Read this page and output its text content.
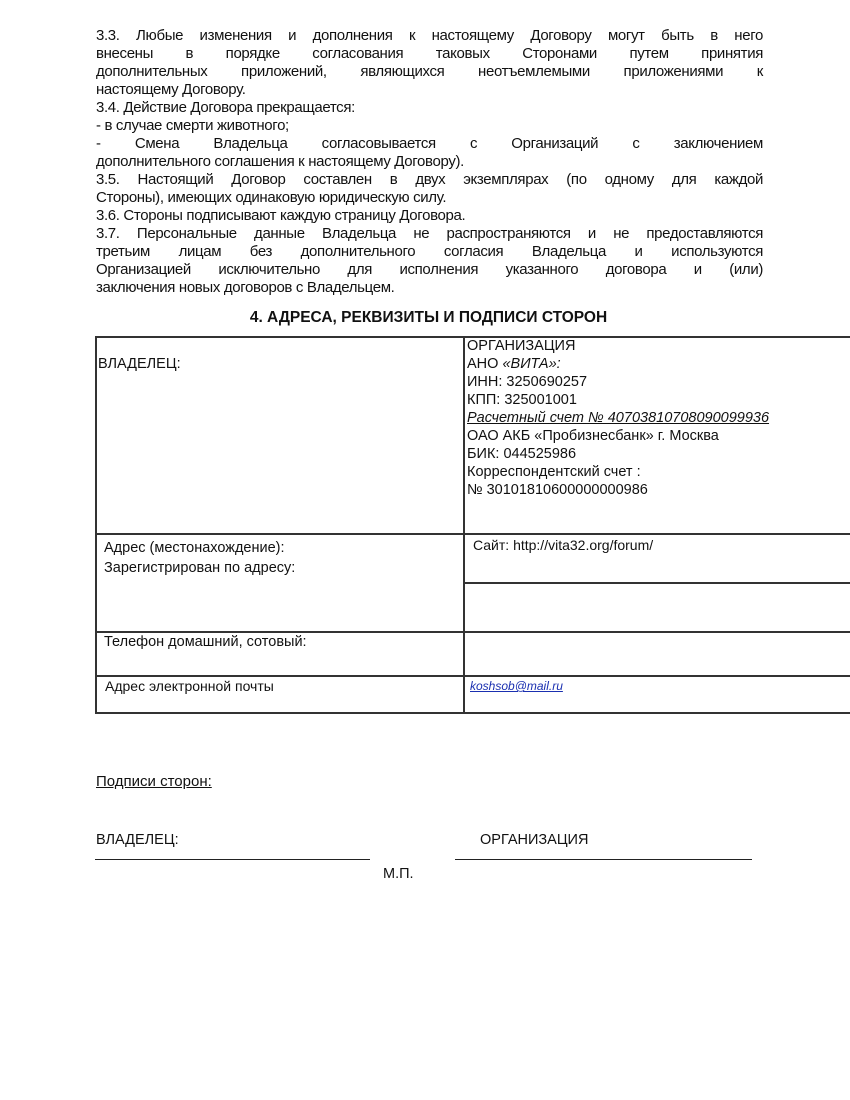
3.3. Любые изменения и дополнения к настоящему Договору могут быть в него
внесены в порядке согласования таковых Сторонами путем принятия
дополнительных приложений, являющихся неотъемлемыми приложениями к
настоящему Договору.
3.4. Действие Договора прекращается:
- в случае смерти животного;
- Смена Владельца согласовывается с Организаций с заключением
дополнительного соглашения к настоящему Договору).
3.5. Настоящий Договор составлен в двух экземплярах (по одному для каждой
Стороны), имеющих одинаковую юридическую силу.
3.6. Стороны подписывают каждую страницу Договора.
3.7. Персональные данные Владельца не распространяются и не предоставляются
третьим лицам без дополнительного согласия Владельца и используются
Организацией исключительно для исполнения указанного договора и (или)
заключения новых договоров с Владельцем.
4. АДРЕСА, РЕКВИЗИТЫ И ПОДПИСИ СТОРОН
ВЛАДЕЛЕЦ:
ОРГАНИЗАЦИЯ
АНО «ВИТА»:
ИНН: 3250690257
КПП: 325001001
Расчетный счет № 40703810708090099936
ОАО АКБ «Пробизнесбанк» г. Москва
БИК: 044525986
Корреспондентский счет :
№ 30101810600000000986
Адрес (местонахождение):
Зарегистрирован по адресу:
Сайт: http://vita32.org/forum/
Телефон домашний, сотовый:
Адрес электронной почты	koshsob@mail.ru
Подписи сторон:
ВЛАДЕЛЕЦ:	ОРГАНИЗАЦИЯ
М.П.
